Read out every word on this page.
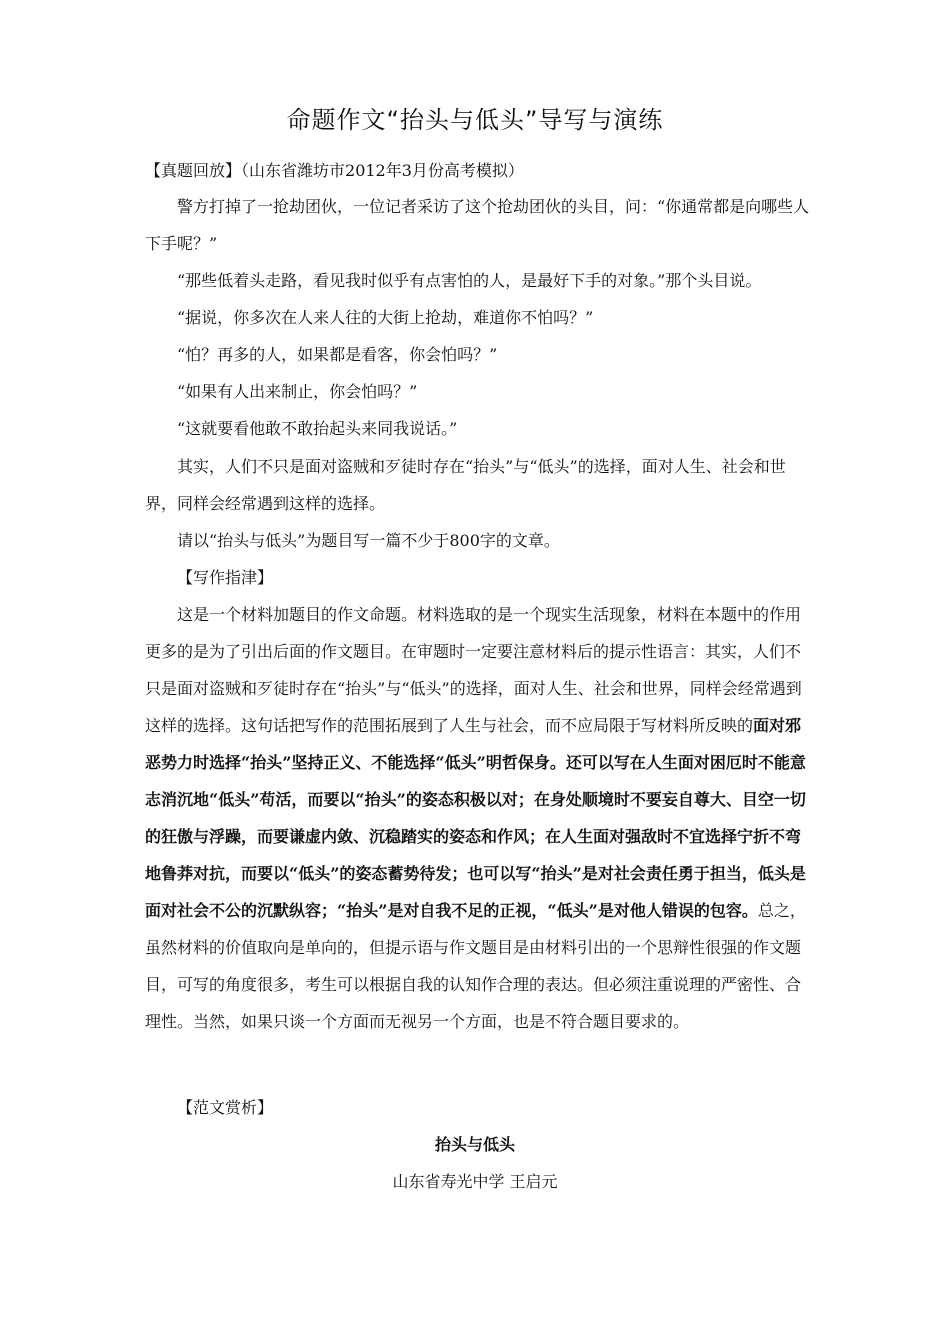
命题作文“抬头与低头”导写与演练

【真题回放】（山东省潍坊市2012年3月份高考模拟）

警方打掉了一抢劫团伙，一位记者采访了这个抢劫团伙的头目，问：“你通常都是向哪些人下手呢？”

“那些低着头走路，看见我时似乎有点害怕的人，是最好下手的对象。”那个头目说。

“据说，你多次在人来人往的大街上抢劫，难道你不怕吗？”

“怕？再多的人，如果都是看客，你会怕吗？”

“如果有人出来制止，你会怕吗？”

“这就要看他敢不敢抬起头来同我说话。”

其实，人们不只是面对盗贼和歹徒时存在“抬头”与“低头”的选择，面对人生、社会和世界，同样会经常遇到这样的选择。

请以“抬头与低头”为题目写一篇不少于800字的文章。

【写作指津】

这是一个材料加题目的作文命题。材料选取的是一个现实生活现象，材料在本题中的作用更多的是为了引出后面的作文题目。在审题时一定要注意材料后的提示性语言：其实，人们不只是面对盗贼和歹徒时存在“抬头”与“低头”的选择，面对人生、社会和世界，同样会经常遇到这样的选择。这句话把写作的范围拓展到了人生与社会，而不应局限于写材料所反映的面对邪恶势力时选择“抬头”坚持正义、不能选择“低头”明哲保身。还可以写在人生面对困厄时不能意志消沉地“低头”苟活，而要以“抬头”的姿态积极以对；在身处顺境时不要妄自尊大、目空一切的狂傲与浮躁，而要谦虚内敛、沉稳踏实的姿态和作风；在人生面对强敌时不宜选择宁折不弯地鲁莽对抗，而要以“低头”的姿态蓄势待发；也可以写“抬头”是对社会责任勇于担当，低头是面对社会不公的沉默纵容；“抬头”是对自我不足的正视，“低头”是对他人错误的包容。总之，虽然材料的价值取向是单向的，但提示语与作文题目是由材料引出的一个思辩性很强的作文题目，可写的角度很多，考生可以根据自我的认知作合理的表达。但必须注重说理的严密性、合理性。当然，如果只谈一个方面而无视另一个方面，也是不符合题目要求的。

【范文赏析】

抬头与低头
山东省寿光中学 王启元
